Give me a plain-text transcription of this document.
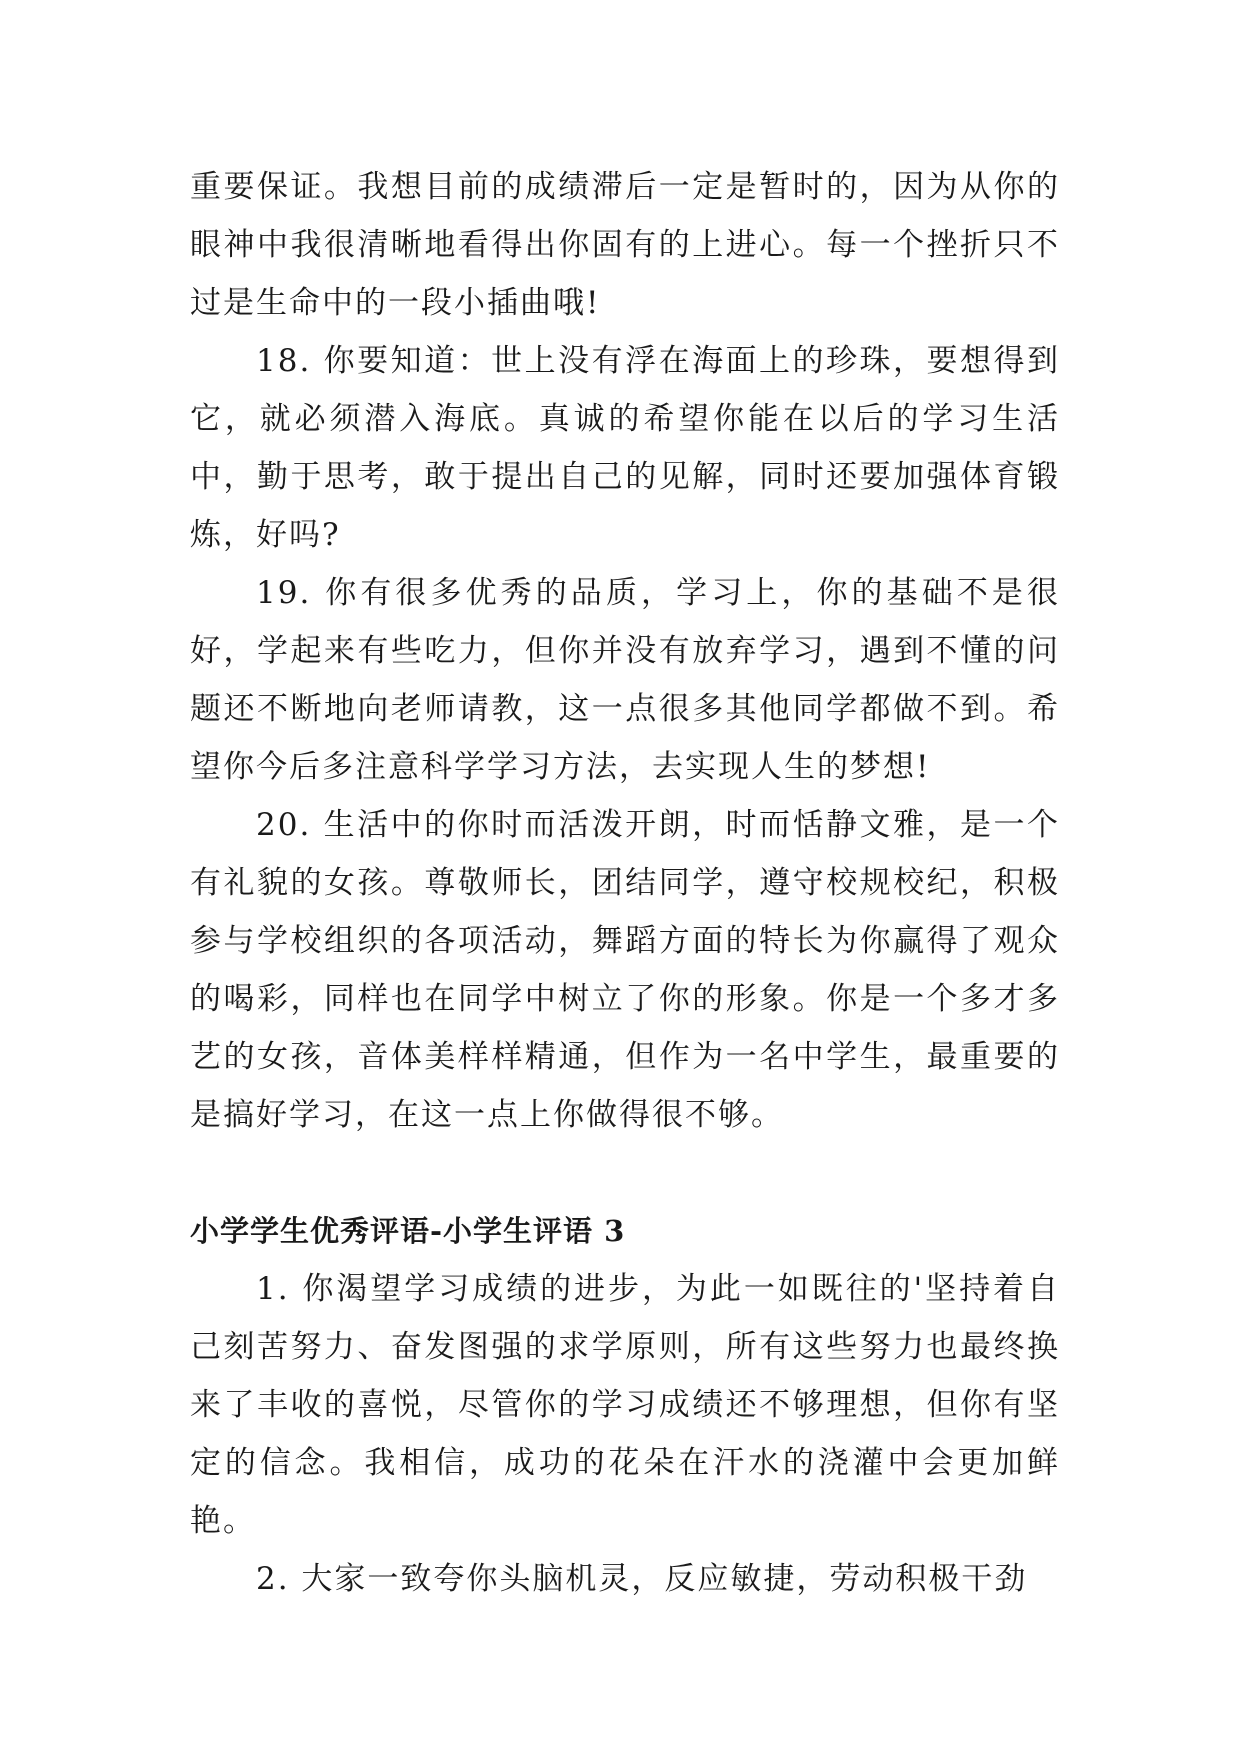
重要保证。我想目前的成绩滞后一定是暂时的，因为从你的眼神中我很清晰地看得出你固有的上进心。每一个挫折只不过是生命中的一段小插曲哦!

18. 你要知道：世上没有浮在海面上的珍珠，要想得到它，就必须潜入海底。真诚的希望你能在以后的学习生活中，勤于思考，敢于提出自己的见解，同时还要加强体育锻炼，好吗?

19. 你有很多优秀的品质，学习上，你的基础不是很好，学起来有些吃力，但你并没有放弃学习，遇到不懂的问题还不断地向老师请教，这一点很多其他同学都做不到。希望你今后多注意科学学习方法，去实现人生的梦想!

20. 生活中的你时而活泼开朗，时而恬静文雅，是一个有礼貌的女孩。尊敬师长，团结同学，遵守校规校纪，积极参与学校组织的各项活动，舞蹈方面的特长为你赢得了观众的喝彩，同样也在同学中树立了你的形象。你是一个多才多艺的女孩，音体美样样精通，但作为一名中学生，最重要的是搞好学习，在这一点上你做得很不够。

小学学生优秀评语-小学生评语 3

1. 你渴望学习成绩的进步，为此一如既往的'坚持着自己刻苦努力、奋发图强的求学原则，所有这些努力也最终换来了丰收的喜悦，尽管你的学习成绩还不够理想，但你有坚定的信念。我相信，成功的花朵在汗水的浇灌中会更加鲜艳。

2. 大家一致夸你头脑机灵，反应敏捷，劳动积极干劲
